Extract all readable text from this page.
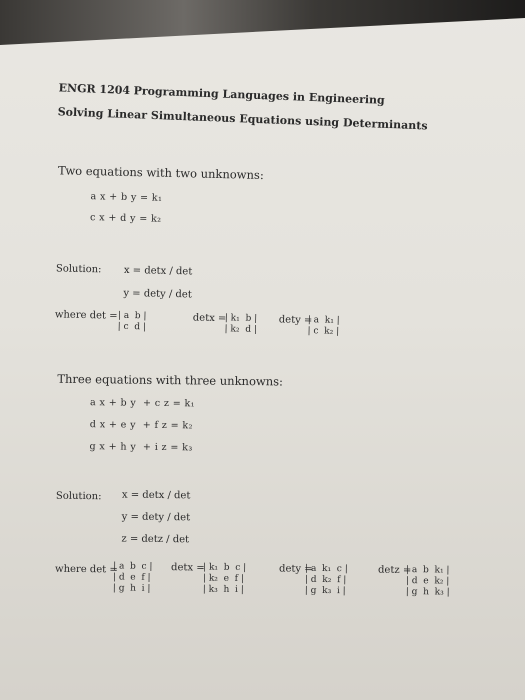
ENGR 1204 Programming Languages in Engineering
Solving Linear Simultaneous Equations using Determinants
Two equations with two unknowns:
a x + b y = k₁
c x + d y = k₂
Solution: x = detx / det
y = dety / det
where det = | a  b |
| c  d |
detx =
| k₁  b |
| k₂  d |
dety =
| a  k₁ |
| c  k₂ |
Three equations with three unknowns:
a x + b y  + c z = k₁
d x + e y  + f z = k₂
g x + h y  + i z = k₃
Solution: x = detx / det
y = dety / det
z = detz / det
where det =
| a  b  c |
| d  e  f |
| g  h  i |
detx =
| k₁  b  c |
| k₂  e  f |
| k₃  h  i |
dety =
| a  k₁  c |
| d  k₂  f |
| g  k₃  i |
detz =
| a  b  k₁ |
| d  e  k₂ |
| g  h  k₃ |
